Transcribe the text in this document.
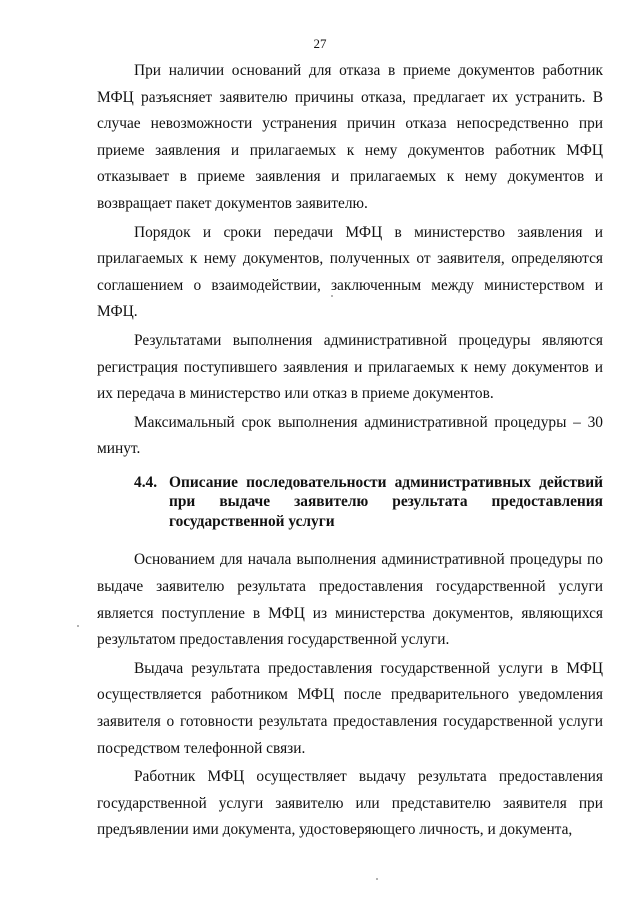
27

При наличии оснований для отказа в приеме документов работник МФЦ разъясняет заявителю причины отказа, предлагает их устранить. В случае невозможности устранения причин отказа непосредственно при приеме заявления и прилагаемых к нему документов работник МФЦ отказывает в приеме заявления и прилагаемых к нему документов и возвращает пакет документов заявителю.

Порядок и сроки передачи МФЦ в министерство заявления и прилагаемых к нему документов, полученных от заявителя, определяются соглашением о взаимодействии, заключенным между министерством и МФЦ.

Результатами выполнения административной процедуры являются регистрация поступившего заявления и прилагаемых к нему документов и их передача в министерство или отказ в приеме документов.

Максимальный срок выполнения административной процедуры – 30 минут.

4.4. Описание последовательности административных действий при выдаче заявителю результата предоставления государственной услуги

Основанием для начала выполнения административной процедуры по выдаче заявителю результата предоставления государственной услуги является поступление в МФЦ из министерства документов, являющихся результатом предоставления государственной услуги.

Выдача результата предоставления государственной услуги в МФЦ осуществляется работником МФЦ после предварительного уведомления заявителя о готовности результата предоставления государственной услуги посредством телефонной связи.

Работник МФЦ осуществляет выдачу результата предоставления государственной услуги заявителю или представителю заявителя при предъявлении ими документа, удостоверяющего личность, и документа,
